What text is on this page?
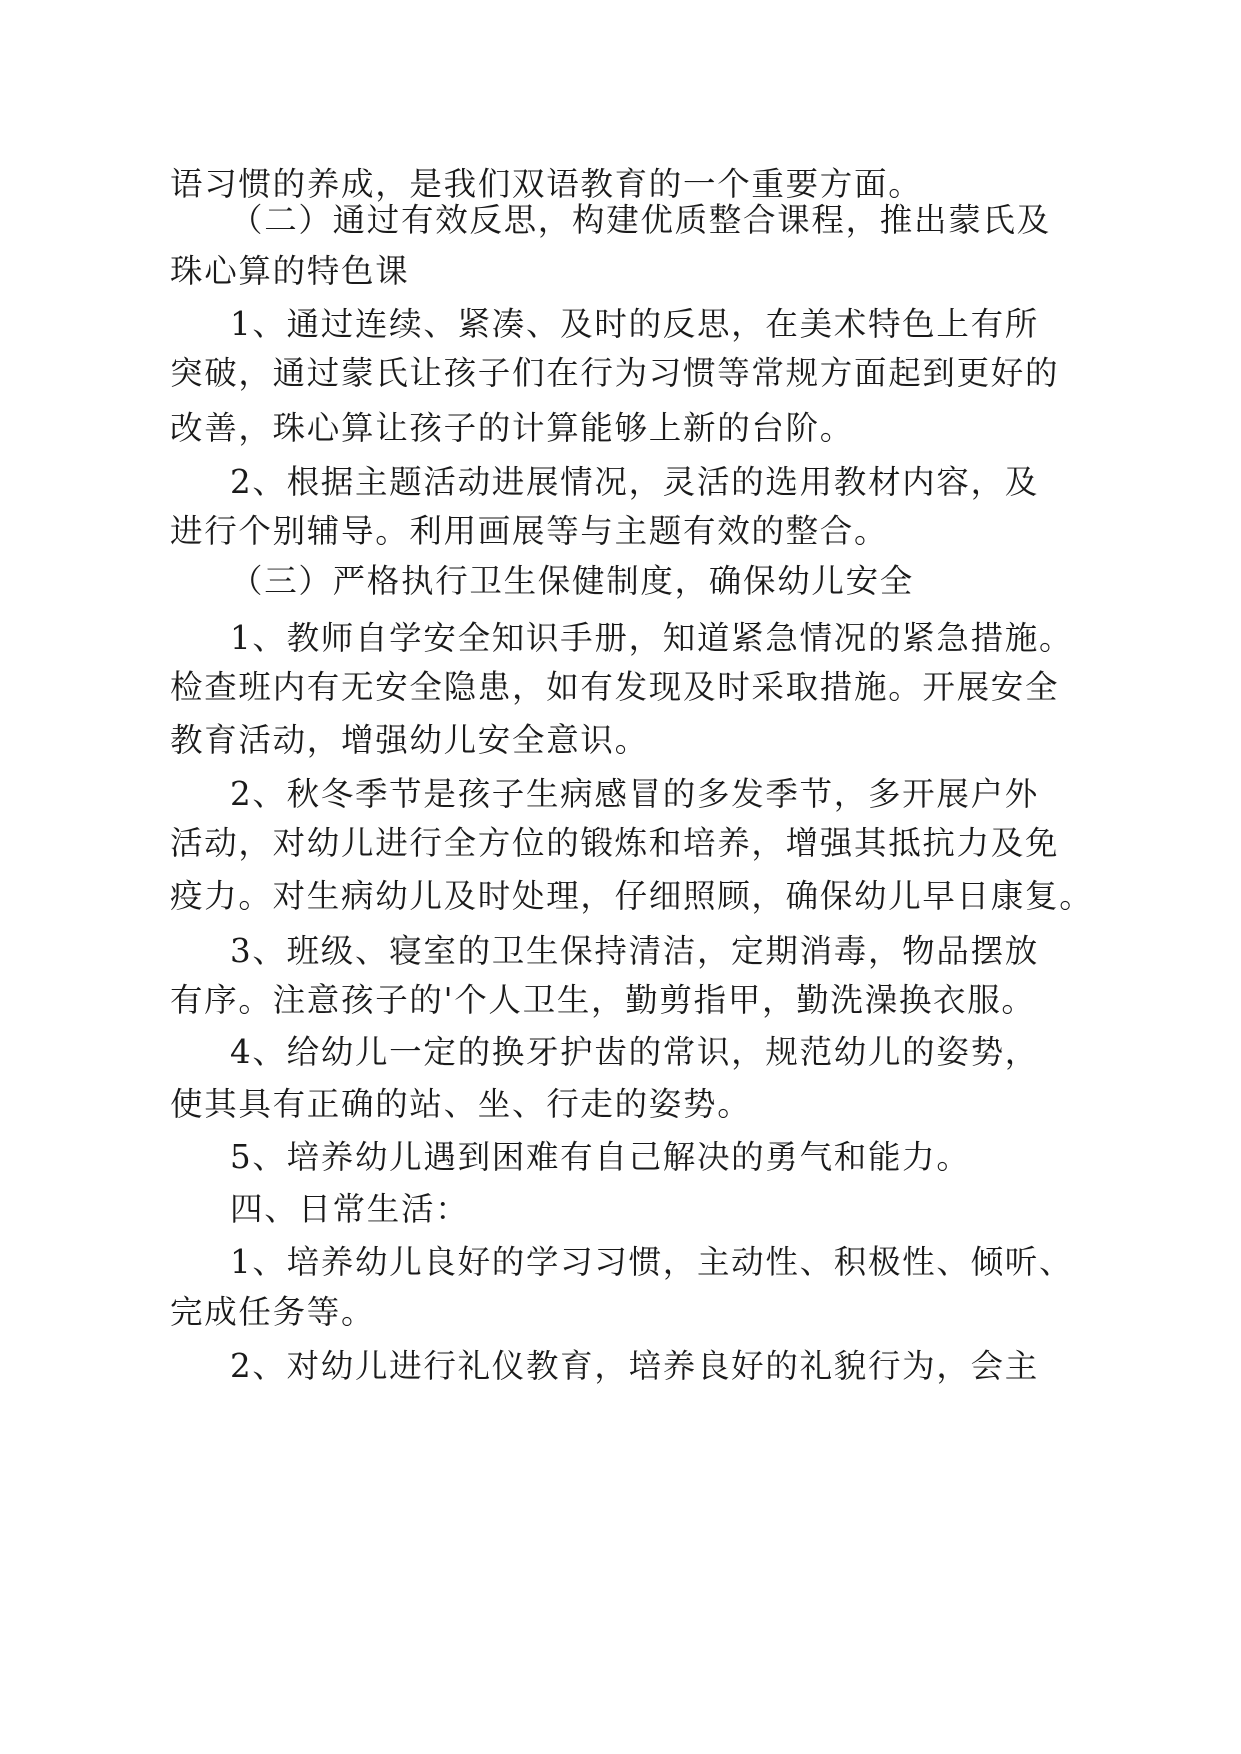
语习惯的养成，是我们双语教育的一个重要方面。
（二）通过有效反思，构建优质整合课程，推出蒙氏及
珠心算的特色课
1、通过连续、紧凑、及时的反思，在美术特色上有所
突破，通过蒙氏让孩子们在行为习惯等常规方面起到更好的
改善，珠心算让孩子的计算能够上新的台阶。
2、根据主题活动进展情况，灵活的选用教材内容，及
进行个别辅导。利用画展等与主题有效的整合。
（三）严格执行卫生保健制度，确保幼儿安全
1、教师自学安全知识手册，知道紧急情况的紧急措施。
检查班内有无安全隐患，如有发现及时采取措施。开展安全
教育活动，增强幼儿安全意识。
2、秋冬季节是孩子生病感冒的多发季节，多开展户外
活动，对幼儿进行全方位的锻炼和培养，增强其抵抗力及免
疫力。对生病幼儿及时处理，仔细照顾，确保幼儿早日康复。
3、班级、寝室的卫生保持清洁，定期消毒，物品摆放
有序。注意孩子的'个人卫生，勤剪指甲，勤洗澡换衣服。
4、给幼儿一定的换牙护齿的常识，规范幼儿的姿势，
使其具有正确的站、坐、行走的姿势。
5、培养幼儿遇到困难有自己解决的勇气和能力。
四、日常生活：
1、培养幼儿良好的学习习惯，主动性、积极性、倾听、
完成任务等。
2、对幼儿进行礼仪教育，培养良好的礼貌行为，会主
